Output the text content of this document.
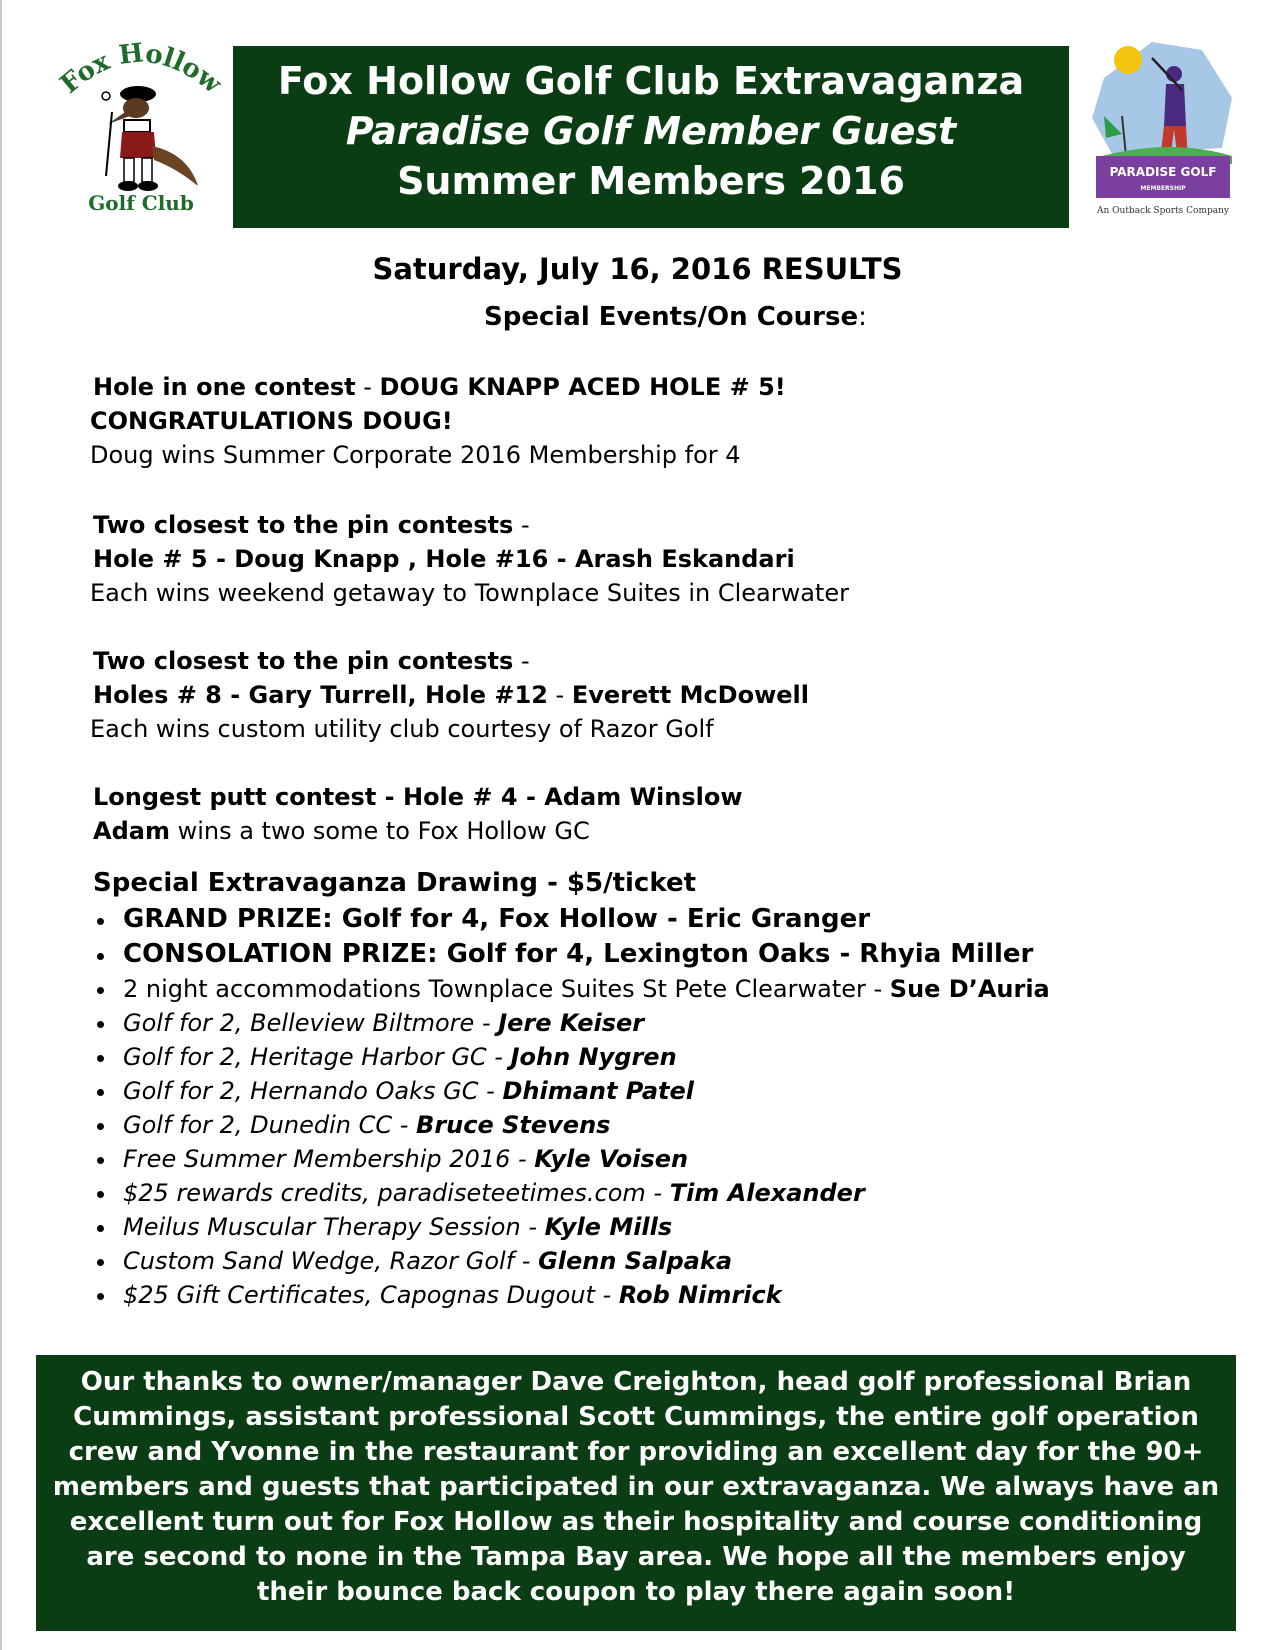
Fox Hollow
Golf Club
Fox Hollow Golf Club Extravaganza
Paradise Golf Member Guest
Summer Members 2016	PARADISE GOLF
MEMBERSHIP
An Outback Sports Company
Saturday, July 16, 2016 RESULTS
Special Events/On Course:
Hole in one contest - DOUG KNAPP ACED HOLE # 5!
CONGRATULATIONS DOUG!
Doug wins Summer Corporate 2016 Membership for 4
Two closest to the pin contests -
Hole # 5 - Doug Knapp , Hole #16 - Arash Eskandari
Each wins weekend getaway to Townplace Suites in Clearwater
Two closest to the pin contests -
Holes # 8 - Gary Turrell, Hole #12 - Everett McDowell
Each wins custom utility club courtesy of Razor Golf
Longest putt contest - Hole # 4 - Adam Winslow
Adam wins a two some to Fox Hollow GC
Special Extravaganza Drawing - $5/ticket
GRAND PRIZE: Golf for 4, Fox Hollow - Eric Granger
CONSOLATION PRIZE: Golf for 4, Lexington Oaks - Rhyia Miller
2 night accommodations Townplace Suites St Pete Clearwater - Sue D’Auria
Golf for 2, Belleview Biltmore - Jere Keiser
Golf for 2, Heritage Harbor GC - John Nygren
Golf for 2, Hernando Oaks GC - Dhimant Patel
Golf for 2, Dunedin CC - Bruce Stevens
Free Summer Membership 2016 - Kyle Voisen
$25 rewards credits, paradiseteetimes.com - Tim Alexander
Meilus Muscular Therapy Session - Kyle Mills
Custom Sand Wedge, Razor Golf - Glenn Salpaka
$25 Gift Certificates, Capognas Dugout - Rob Nimrick
Our thanks to owner/manager Dave Creighton, head golf professional Brian
Cummings, assistant professional Scott Cummings, the entire golf operation
crew and Yvonne in the restaurant for providing an excellent day for the 90+
members and guests that participated in our extravaganza. We always have an
excellent turn out for Fox Hollow as their hospitality and course conditioning
are second to none in the Tampa Bay area. We hope all the members enjoy
their bounce back coupon to play there again soon!
